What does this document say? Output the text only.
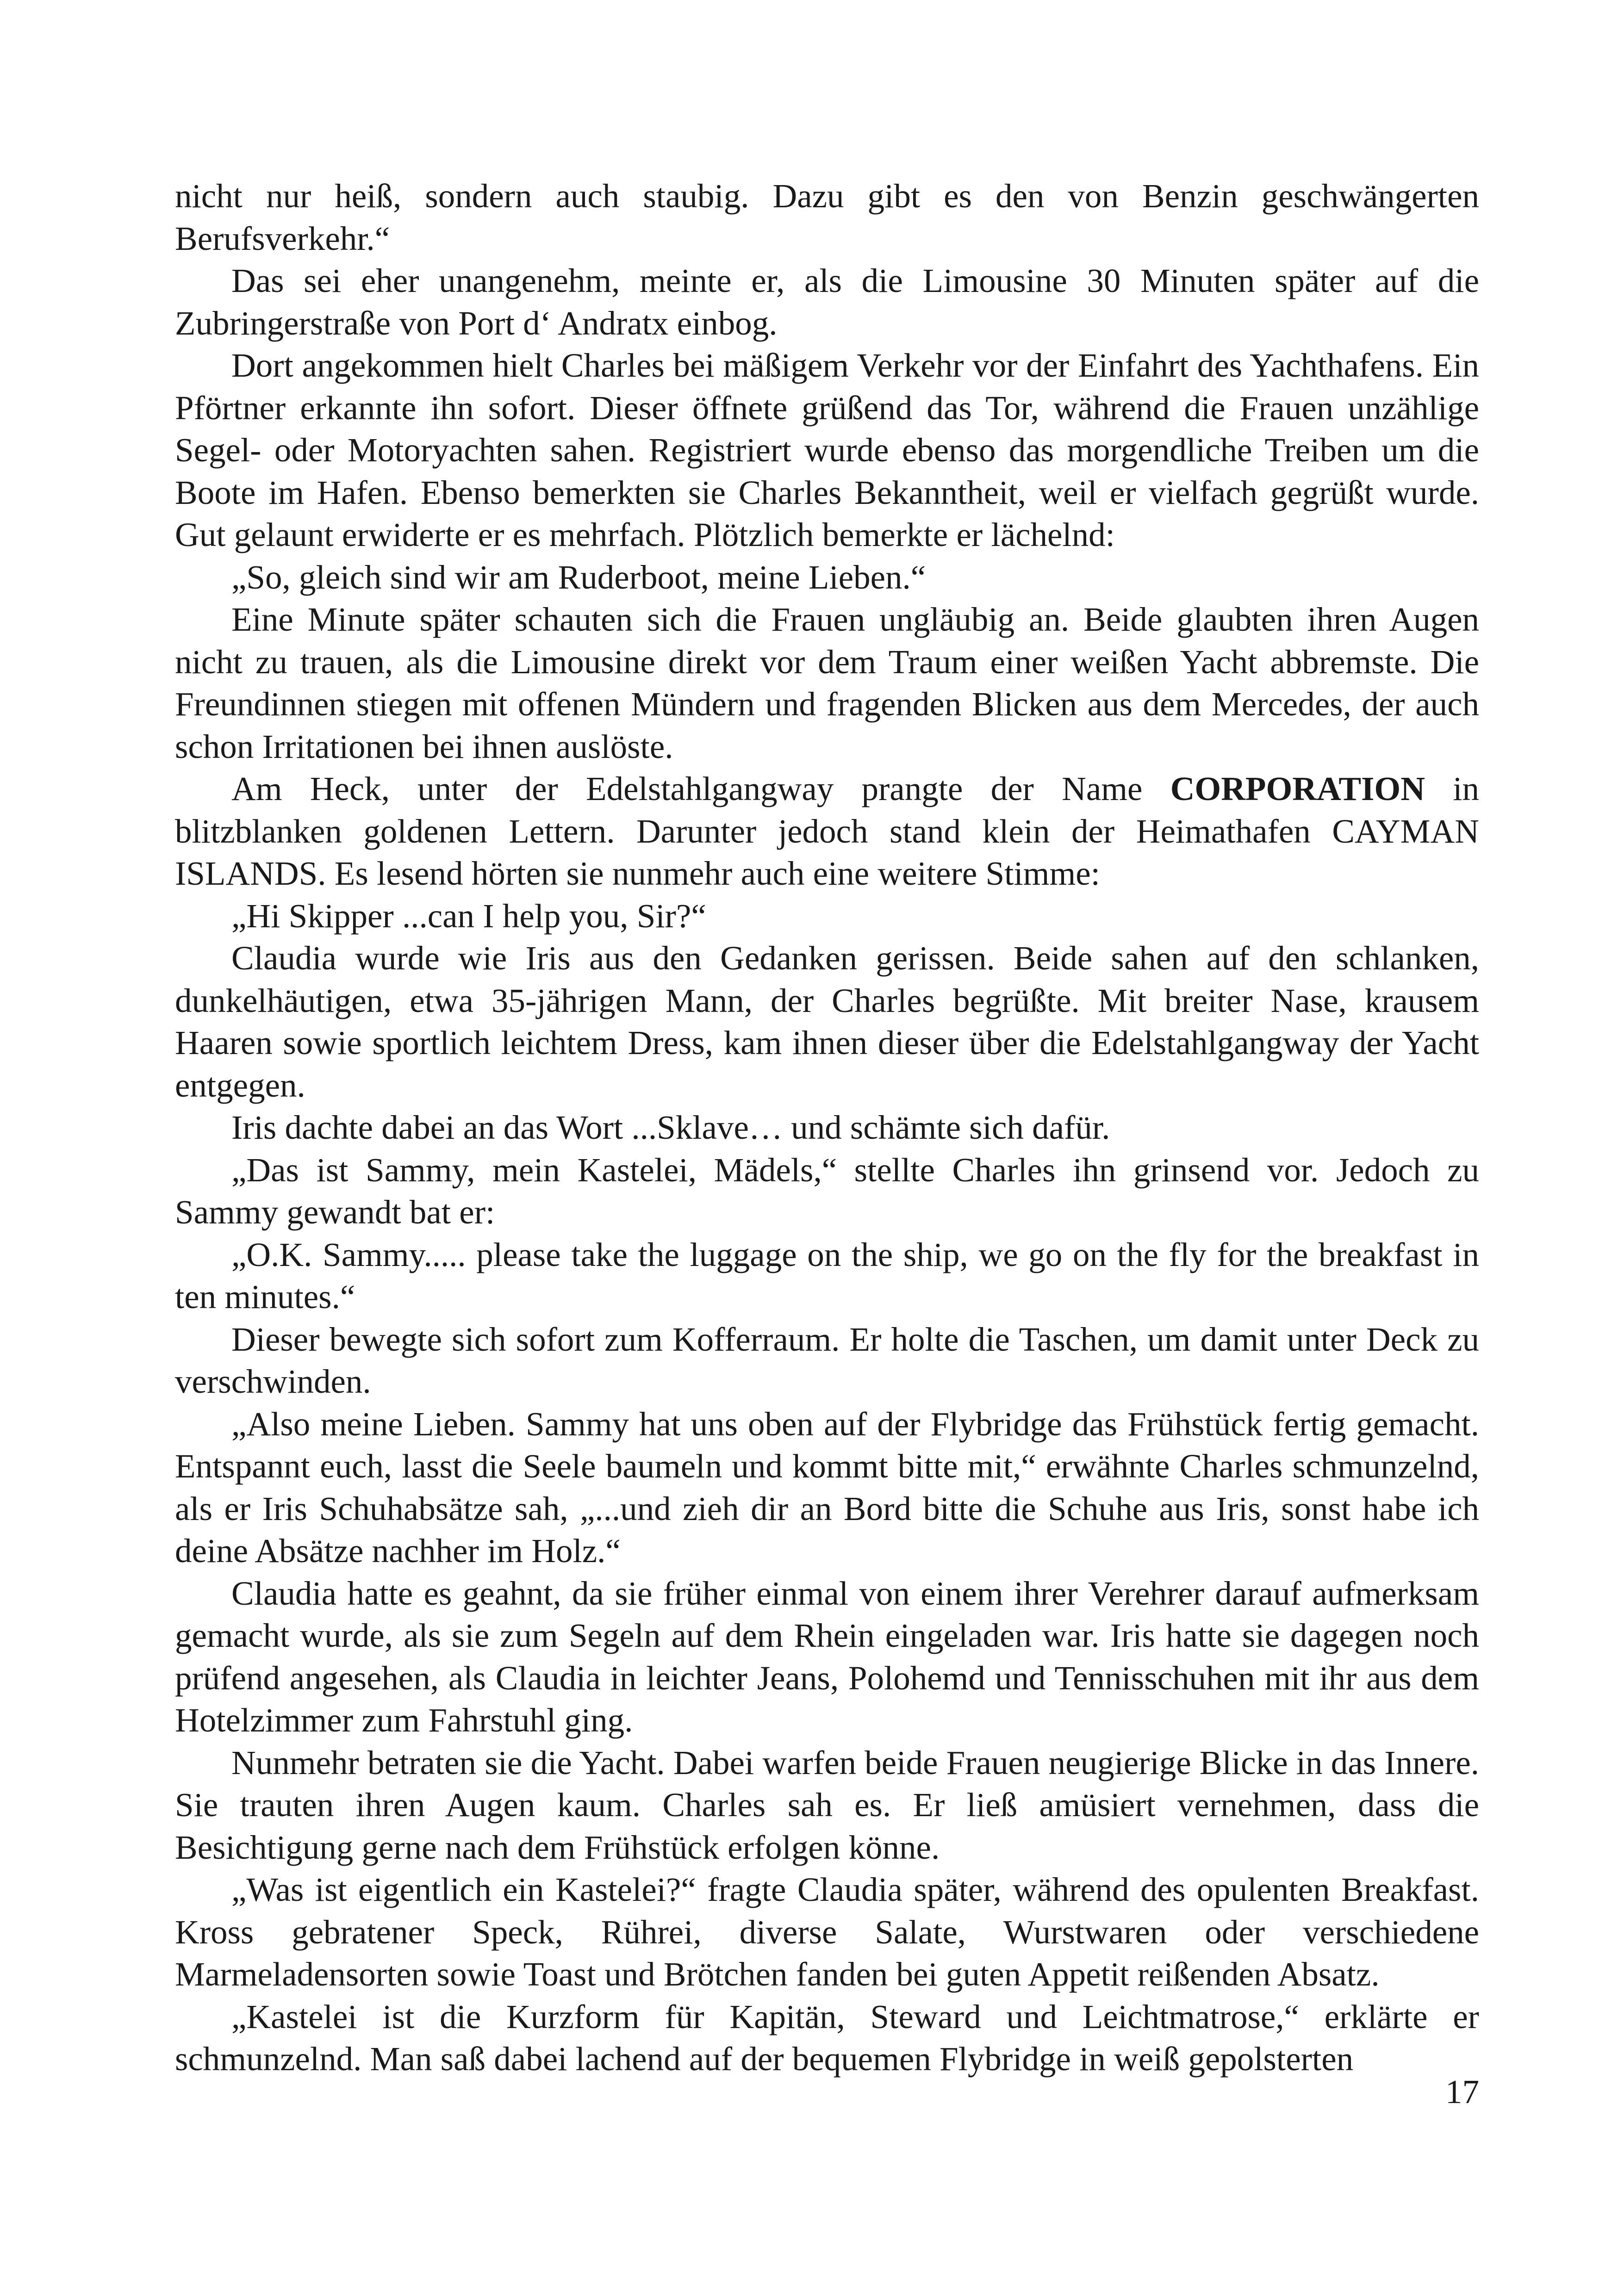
nicht nur heiß, sondern auch staubig. Dazu gibt es den von Benzin geschwängerten Berufsverkehr.“

Das sei eher unangenehm, meinte er, als die Limousine 30 Minuten später auf die Zubringerstraße von Port d‘ Andratx einbog.

Dort angekommen hielt Charles bei mäßigem Verkehr vor der Einfahrt des Yachthafens. Ein Pförtner erkannte ihn sofort. Dieser öffnete grüßend das Tor, während die Frauen unzählige Segel- oder Motoryachten sahen. Registriert wurde ebenso das morgendliche Treiben um die Boote im Hafen. Ebenso bemerkten sie Charles Bekanntheit, weil er vielfach gegrüßt wurde. Gut gelaunt erwiderte er es mehrfach. Plötzlich bemerkte er lächelnd:

„So, gleich sind wir am Ruderboot, meine Lieben.“

Eine Minute später schauten sich die Frauen ungläubig an. Beide glaubten ihren Augen nicht zu trauen, als die Limousine direkt vor dem Traum einer weißen Yacht abbremste. Die Freundinnen stiegen mit offenen Mündern und fragenden Blicken aus dem Mercedes, der auch schon Irritationen bei ihnen auslöste.

Am Heck, unter der Edelstahlgangway prangte der Name CORPORATION in blitzblanken goldenen Lettern. Darunter jedoch stand klein der Heimathafen CAYMAN ISLANDS. Es lesend hörten sie nunmehr auch eine weitere Stimme:

„Hi Skipper ...can I help you, Sir?“

Claudia wurde wie Iris aus den Gedanken gerissen. Beide sahen auf den schlanken, dunkelhäutigen, etwa 35-jährigen Mann, der Charles begrüßte. Mit breiter Nase, krausem Haaren sowie sportlich leichtem Dress, kam ihnen dieser über die Edelstahlgangway der Yacht entgegen.

Iris dachte dabei an das Wort ...Sklave… und schämte sich dafür.

„Das ist Sammy, mein Kastelei, Mädels,“ stellte Charles ihn grinsend vor. Jedoch zu Sammy gewandt bat er:

„O.K. Sammy..... please take the luggage on the ship, we go on the fly for the breakfast in ten minutes.“

Dieser bewegte sich sofort zum Kofferraum. Er holte die Taschen, um damit unter Deck zu verschwinden.

„Also meine Lieben. Sammy hat uns oben auf der Flybridge das Frühstück fertig gemacht. Entspannt euch, lasst die Seele baumeln und kommt bitte mit,“ erwähnte Charles schmunzelnd, als er Iris Schuhabsätze sah, „...und zieh dir an Bord bitte die Schuhe aus Iris, sonst habe ich deine Absätze nachher im Holz.“

Claudia hatte es geahnt, da sie früher einmal von einem ihrer Verehrer darauf aufmerksam gemacht wurde, als sie zum Segeln auf dem Rhein eingeladen war. Iris hatte sie dagegen noch prüfend angesehen, als Claudia in leichter Jeans, Polohemd und Tennisschuhen mit ihr aus dem Hotelzimmer zum Fahrstuhl ging.

Nunmehr betraten sie die Yacht. Dabei warfen beide Frauen neugierige Blicke in das Innere. Sie trauten ihren Augen kaum. Charles sah es. Er ließ amüsiert vernehmen, dass die Besichtigung gerne nach dem Frühstück erfolgen könne.

„Was ist eigentlich ein Kastelei?“ fragte Claudia später, während des opulenten Breakfast. Kross gebratener Speck, Rührei, diverse Salate, Wurstwaren oder verschiedene Marmeladensorten sowie Toast und Brötchen fanden bei guten Appetit reißenden Absatz.

„Kastelei ist die Kurzform für Kapitän, Steward und Leichtmatrose,“ erklärte er schmunzelnd. Man saß dabei lachend auf der bequemen Flybridge in weiß gepolsterten

17
